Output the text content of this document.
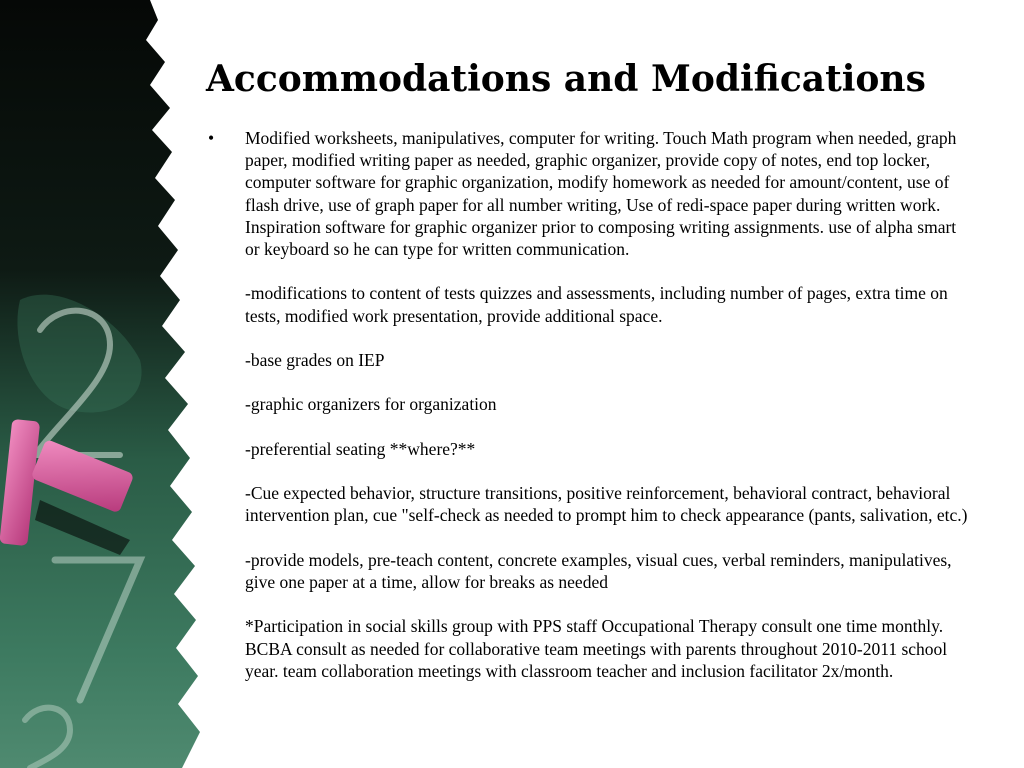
Accommodations and Modifications
•	Modified worksheets, manipulatives, computer for writing. Touch Math program when needed, graph paper, modified writing paper as needed, graphic organizer, provide copy of notes, end top locker, computer software for graphic organization, modify homework as needed for amount/content, use of flash drive, use of graph paper for all number writing, Use of redi-space paper during written work. Inspiration software for graphic organizer prior to composing writing assignments. use of alpha smart or keyboard so he can type for written communication.

-modifications to content of tests quizzes and assessments, including number of pages, extra time on tests, modified work presentation, provide additional space.

-base grades on IEP

-graphic organizers for organization

-preferential seating **where?**

-Cue expected behavior, structure transitions, positive reinforcement, behavioral contract, behavioral intervention plan, cue "self-check as needed to prompt him to check appearance (pants, salivation, etc.)

-provide models, pre-teach content, concrete examples, visual cues, verbal reminders, manipulatives, give one paper at a time, allow for breaks as needed

*Participation in social skills group with PPS staff Occupational Therapy consult one time monthly. BCBA consult as needed for collaborative team meetings with parents throughout 2010-2011 school year. team collaboration meetings with classroom teacher and inclusion facilitator 2x/month.
